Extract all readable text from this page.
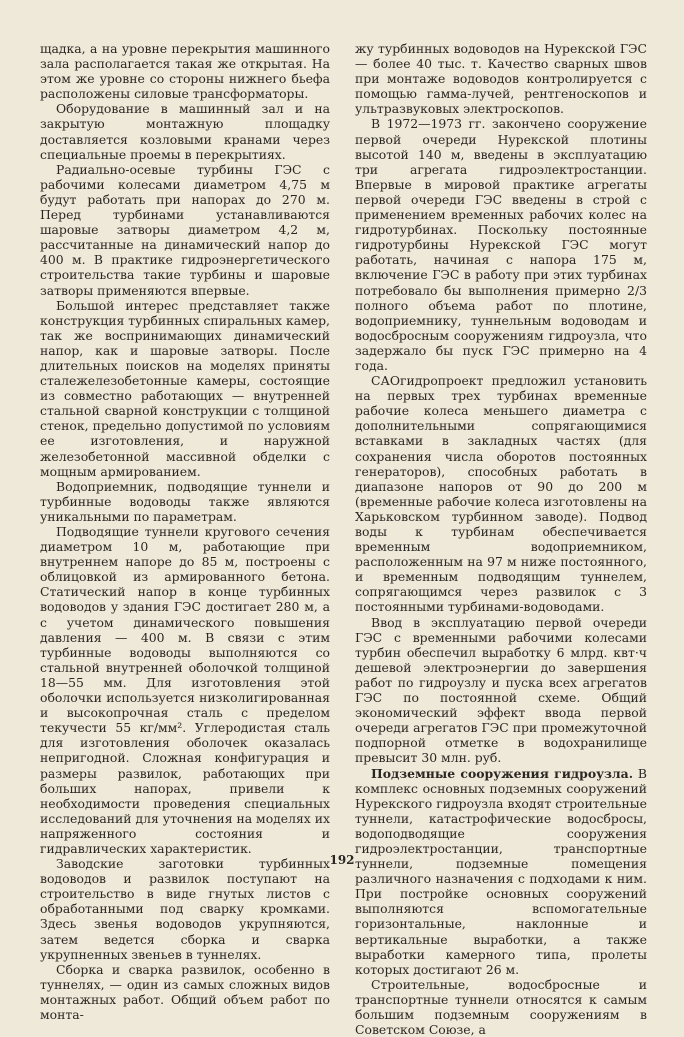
щадка, а на уровне перекрытия машинного зала располагается такая же открытая. На этом же уровне со стороны нижнего бьефа расположены силовые трансформаторы.

Оборудование в машинный зал и на закрытую монтажную площадку доставляется козловыми кранами через специальные проемы в перекрытиях.

Радиально-осевые турбины ГЭС с рабочими колесами диаметром 4,75 м будут работать при напорах до 270 м. Перед турбинами устанавливаются шаровые затворы диаметром 4,2 м, рассчитанные на динамический напор до 400 м. В практике гидроэнергетического строительства такие турбины и шаровые затворы применяются впервые.

Большой интерес представляет также конструкция турбинных спиральных камер, так же воспринимающих динамический напор, как и шаровые затворы. После длительных поисков на моделях приняты сталежелезобетонные камеры, состоящие из совместно работающих — внутренней стальной сварной конструкции с толщиной стенок, предельно допустимой по условиям ее изготовления, и наружной железобетонной массивной обделки с мощным армированием.

Водоприемник, подводящие туннели и турбинные водоводы также являются уникальными по параметрам.

Подводящие туннели кругового сечения диаметром 10 м, работающие при внутреннем напоре до 85 м, построены с облицовкой из армированного бетона. Статический напор в конце турбинных водоводов у здания ГЭС достигает 280 м, а с учетом динамического повышения давления — 400 м. В связи с этим турбинные водоводы выполняются со стальной внутренней оболочкой толщиной 18—55 мм. Для изготовления этой оболочки используется низколигированная и высокопрочная сталь с пределом текучести 55 кг/мм². Углеродистая сталь для изготовления оболочек оказалась непригодной. Сложная конфигурация и размеры развилок, работающих при больших напорах, привели к необходимости проведения специальных исследований для уточнения на моделях их напряженного состояния и гидравлических характеристик.

Заводские заготовки турбинных водоводов и развилок поступают на строительство в виде гнутых листов с обработанными под сварку кромками. Здесь звенья водоводов укрупняются, затем ведется сборка и сварка укрупненных звеньев в туннелях.

Сборка и сварка развилок, особенно в туннелях, — один из самых сложных видов монтажных работ. Общий объем работ по монта-

жу турбинных водоводов на Нурекской ГЭС— более 40 тыс. т. Качество сварных швов при монтаже водоводов контролируется с помощью гамма-лучей, рентгеноскопов и ультразвуковых электроскопов.

В 1972—1973 гг. закончено сооружение первой очереди Нурекской плотины высотой 140 м, введены в эксплуатацию три агрегата гидроэлектростанции. Впервые в мировой практике агрегаты первой очереди ГЭС введены в строй с применением временных рабочих колес на гидротурбинах. Поскольку постоянные гидротурбины Нурекской ГЭС могут работать, начиная с напора 175 м, включение ГЭС в работу при этих турбинах потребовало бы выполнения примерно 2/3 полного объема работ по плотине, водоприемнику, туннельным водоводам и водосбросным сооружениям гидроузла, что задержало бы пуск ГЭС примерно на 4 года.

САОгидропроект предложил установить на первых трех турбинах временные рабочие колеса меньшего диаметра с дополнительными сопрягающимися вставками в закладных частях (для сохранения числа оборотов постоянных генераторов), способных работать в диапазоне напоров от 90 до 200 м (временные рабочие колеса изготовлены на Харьковском турбинном заводе). Подвод воды к турбинам обеспечивается временным водоприемником, расположенным на 97 м ниже постоянного, и временным подводящим туннелем, сопрягающимся через развилок с 3 постоянными турбинами-водоводами.

Ввод в эксплуатацию первой очереди ГЭС с временными рабочими колесами турбин обеспечил выработку 6 млрд. квт·ч дешевой электроэнергии до завершения работ по гидроузлу и пуска всех агрегатов ГЭС по постоянной схеме. Общий экономический эффект ввода первой очереди агрегатов ГЭС при промежуточной подпорной отметке в водохранилище превысит 30 млн. руб.

Подземные сооружения гидроузла. В комплекс основных подземных сооружений Нурекского гидроузла входят строительные туннели, катастрофические водосбросы, водоподводящие сооружения гидроэлектростанции, транспортные туннели, подземные помещения различного назначения с подходами к ним. При постройке основных сооружений выполняются вспомогательные горизонтальные, наклонные и вертикальные выработки, а также выработки камерного типа, пролеты которых достигают 26 м.

Строительные, водосбросные и транспортные туннели относятся к самым большим подземным сооружениям в Советском Союзе, а

192
